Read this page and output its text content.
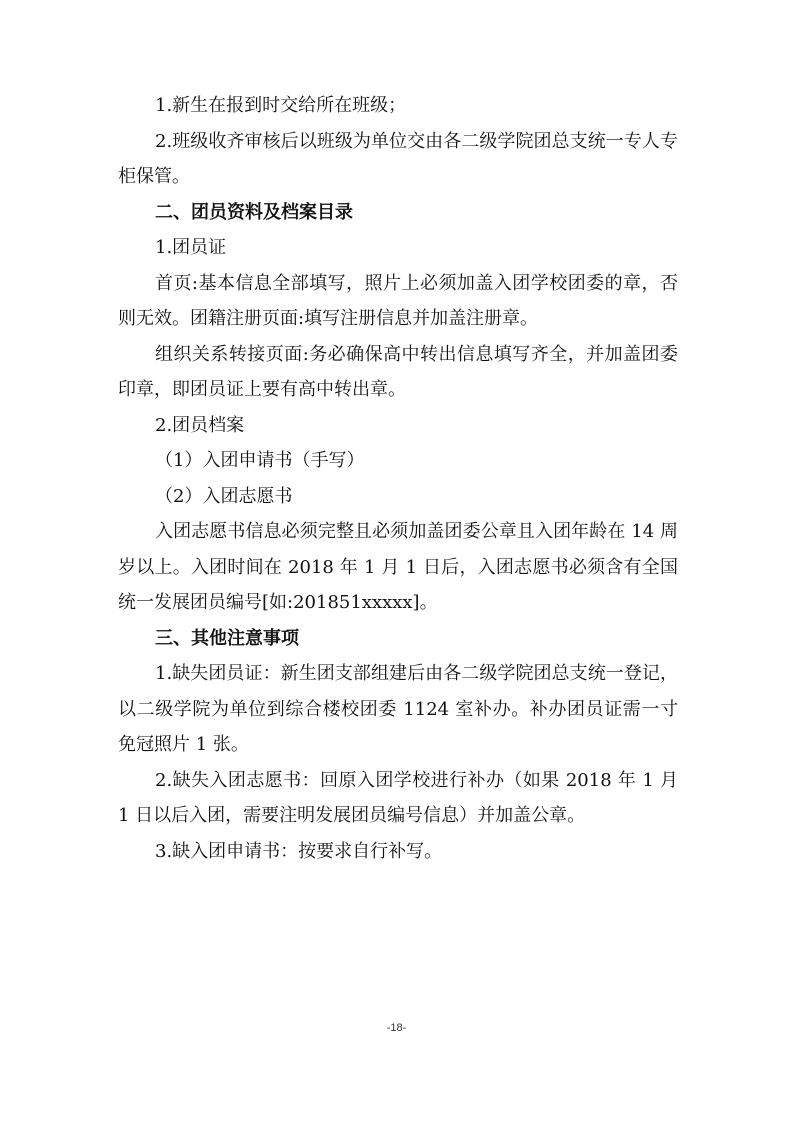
1.新生在报到时交给所在班级；

2.班级收齐审核后以班级为单位交由各二级学院团总支统一专人专柜保管。

二、团员资料及档案目录

1.团员证

首页:基本信息全部填写，照片上必须加盖入团学校团委的章，否则无效。团籍注册页面:填写注册信息并加盖注册章。

组织关系转接页面:务必确保高中转出信息填写齐全，并加盖团委印章，即团员证上要有高中转出章。

2.团员档案

（1）入团申请书（手写）

（2）入团志愿书

入团志愿书信息必须完整且必须加盖团委公章且入团年龄在 14 周岁以上。入团时间在 2018 年 1 月 1 日后，入团志愿书必须含有全国统一发展团员编号[如:201851xxxxx]。

三、其他注意事项

1.缺失团员证：新生团支部组建后由各二级学院团总支统一登记，以二级学院为单位到综合楼校团委 1124 室补办。补办团员证需一寸免冠照片 1 张。

2.缺失入团志愿书：回原入团学校进行补办（如果 2018 年 1 月 1 日以后入团，需要注明发展团员编号信息）并加盖公章。

3.缺入团申请书：按要求自行补写。

-18-
